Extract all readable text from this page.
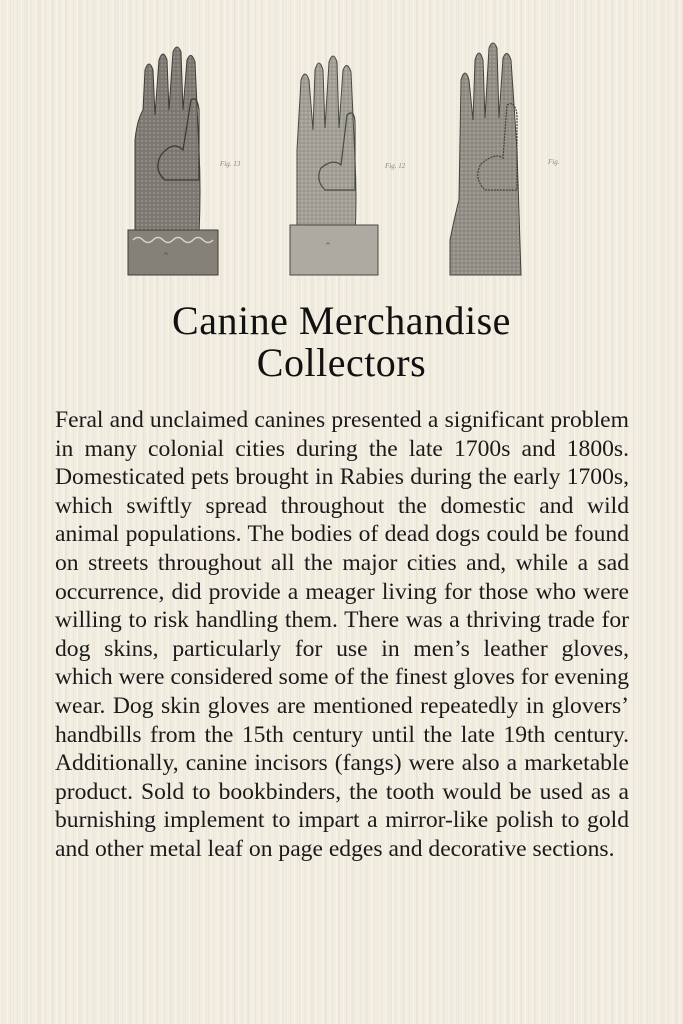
^
Fig. 13
^
Fig. 12	Fig.
Canine Merchandise
Collectors

Feral and unclaimed canines presented a significant problem in many colonial cities during the late 1700s and 1800s. Domesticated pets brought in Rabies during the early 1700s, which swiftly spread throughout the domestic and wild animal populations. The bodies of dead dogs could be found on streets throughout all the major cities and, while a sad occurrence, did provide a meager living for those who were willing to risk handling them. There was a thriving trade for dog skins, particularly for use in men’s leather gloves, which were considered some of the finest gloves for evening wear. Dog skin gloves are mentioned repeatedly in glovers’ handbills from the 15th century until the late 19th century. Additionally, canine incisors (fangs) were also a marketable product. Sold to bookbinders, the tooth would be used as a burnishing implement to impart a mirror-like polish to gold and other metal leaf on page edges and decorative sections.
